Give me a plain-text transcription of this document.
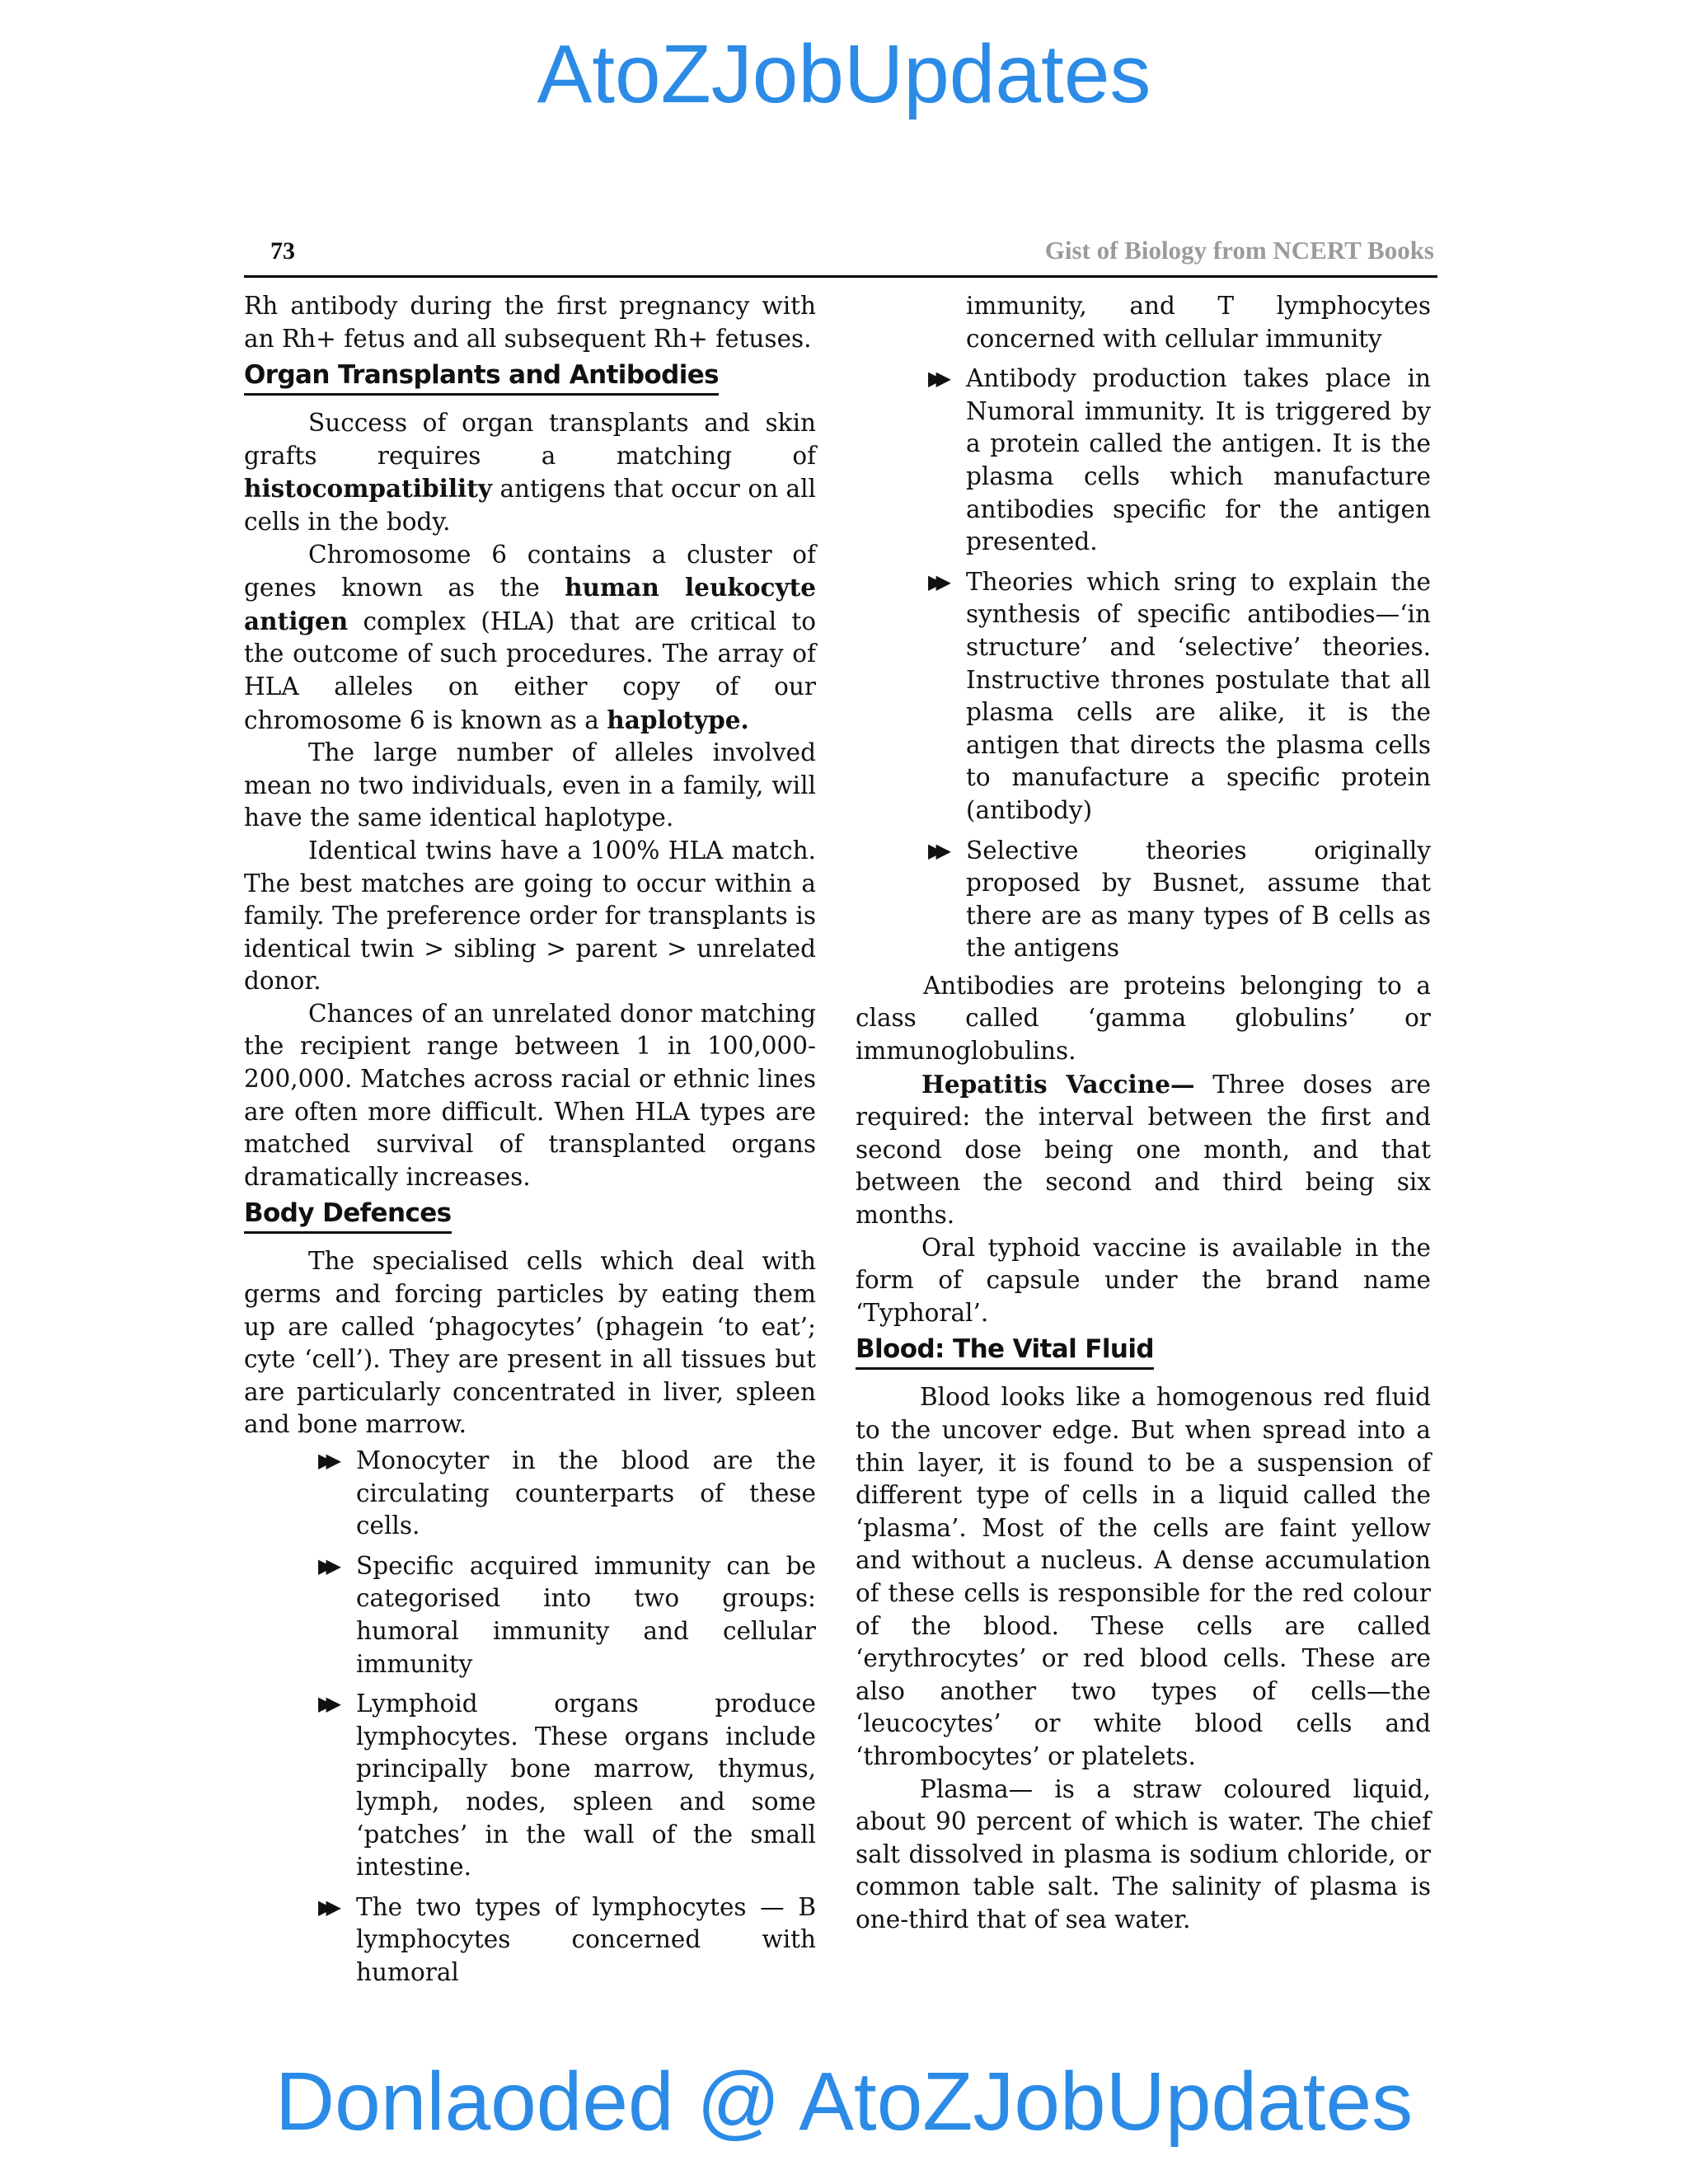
AtoZJobUpdates
73	Gist of Biology from NCERT Books

Rh antibody during the first pregnancy with an Rh+ fetus and all subsequent Rh+ fetuses.

Organ Transplants and Antibodies

Success of organ transplants and skin grafts requires a matching of histocompatibility antigens that occur on all cells in the body.

Chromosome 6 contains a cluster of genes known as the human leukocyte antigen complex (HLA) that are critical to the outcome of such procedures. The array of HLA alleles on either copy of our chromosome 6 is known as a haplotype.

The large number of alleles involved mean no two individuals, even in a family, will have the same identical haplotype.

Identical twins have a 100% HLA match. The best matches are going to occur within a family. The preference order for transplants is identical twin > sibling > parent > unrelated donor.

Chances of an unrelated donor matching the recipient range between 1 in 100,000-200,000. Matches across racial or ethnic lines are often more difficult. When HLA types are matched survival of transplanted organs dramatically increases.

Body Defences

The specialised cells which deal with germs and forcing particles by eating them up are called ‘phagocytes’ (phagein ‘to eat’; cyte ‘cell’). They are present in all tissues but are particularly concentrated in liver, spleen and bone marrow.

▶▶ Monocyter in the blood are the circulating counterparts of these cells.
▶▶ Specific acquired immunity can be categorised into two groups: humoral immunity and cellular immunity
▶▶ Lymphoid organs produce lymphocytes. These organs include principally bone marrow, thymus, lymph, nodes, spleen and some ‘patches’ in the wall of the small intestine.
▶▶ The two types of lymphocytes — B lymphocytes concerned with humoral
immunity, and T lymphocytes concerned with cellular immunity
▶▶ Antibody production takes place in Numoral immunity. It is triggered by a protein called the antigen. It is the plasma cells which manufacture antibodies specific for the antigen presented.
▶▶ Theories which sring to explain the synthesis of specific antibodies—‘in structure’ and ‘selective’ theories. Instructive thrones postulate that all plasma cells are alike, it is the antigen that directs the plasma cells to manufacture a specific protein (antibody)
▶▶ Selective theories originally proposed by Busnet, assume that there are as many types of B cells as the antigens

Antibodies are proteins belonging to a class called ‘gamma globulins’ or immunoglobulins.

Hepatitis Vaccine— Three doses are required: the interval between the first and second dose being one month, and that between the second and third being six months.

Oral typhoid vaccine is available in the form of capsule under the brand name ‘Typhoral’.

Blood: The Vital Fluid

Blood looks like a homogenous red fluid to the uncover edge. But when spread into a thin layer, it is found to be a suspension of different type of cells in a liquid called the ‘plasma’. Most of the cells are faint yellow and without a nucleus. A dense accumulation of these cells is responsible for the red colour of the blood. These cells are called ‘erythrocytes’ or red blood cells. These are also another two types of cells—the ‘leucocytes’ or white blood cells and ‘thrombocytes’ or platelets.

Plasma— is a straw coloured liquid, about 90 percent of which is water. The chief salt dissolved in plasma is sodium chloride, or common table salt. The salinity of plasma is one-third that of sea water.

Donlaoded @ AtoZJobUpdates
